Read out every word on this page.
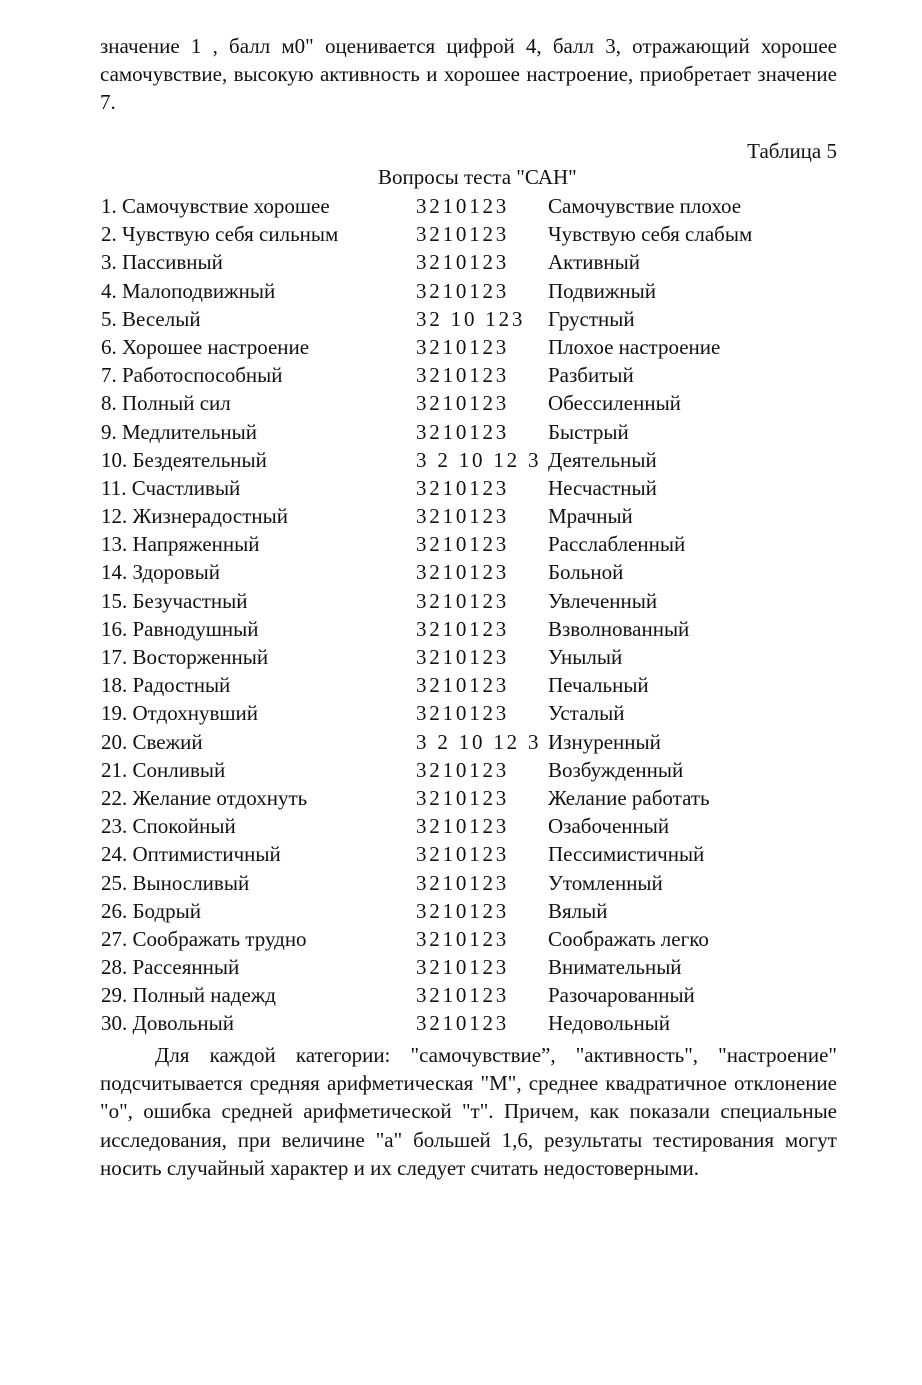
значение 1 , балл м0" оценивается цифрой 4, балл 3, отражающий хорошее самочувствие, высокую активность и хорошее настроение, приобретает значение 7.

Таблица 5

Вопросы теста "САН"

1. Самочувствие хорошее	3210123 Самочувствие плохое
2. Чувствую себя сильным	3210123 Чувствую себя слабым
3. Пассивный	3210123 Активный
4. Малоподвижный	3210123 Подвижный
5. Веселый	32 10 123 Грустный
6. Хорошее настроение	3210123 Плохое настроение
7. Работоспособный	3210123 Разбитый
8. Полный сил	3210123 Обессиленный
9. Медлительный	3210123 Быстрый
10. Бездеятельный	3 2 10 12 3 Деятельный
11. Счастливый	3210123 Несчастный
12. Жизнерадостный	3210123 Мрачный
13. Напряженный	3210123 Расслабленный
14. Здоровый	3210123 Больной
15. Безучастный	3210123 Увлеченный
16. Равнодушный	3210123 Взволнованный
17. Восторженный	3210123 Унылый
18. Радостный	3210123 Печальный
19. Отдохнувший	3210123 Усталый
20. Свежий	3 2 10 12 3 Изнуренный
21. Сонливый	3210123 Возбужденный
22. Желание отдохнуть	3210123 Желание работать
23. Спокойный	3210123 Озабоченный
24. Оптимистичный	3210123 Пессимистичный
25. Выносливый	3210123 Утомленный
26. Бодрый	3210123 Вялый
27. Соображать трудно	3210123 Соображать легко
28. Рассеянный	3210123 Внимательный
29. Полный надежд	3210123 Разочарованный
30. Довольный	3210123 Недовольный

Для каждой категории: "самочувствие”, "активность", "настроение" подсчитывается средняя арифметическая "М", среднее квадратичное отклонение "о", ошибка средней арифметической "т". Причем, как показали специальные исследования, при величине "а" большей 1,6, результаты тестирования могут носить случайный характер и их следует считать недостоверными.
